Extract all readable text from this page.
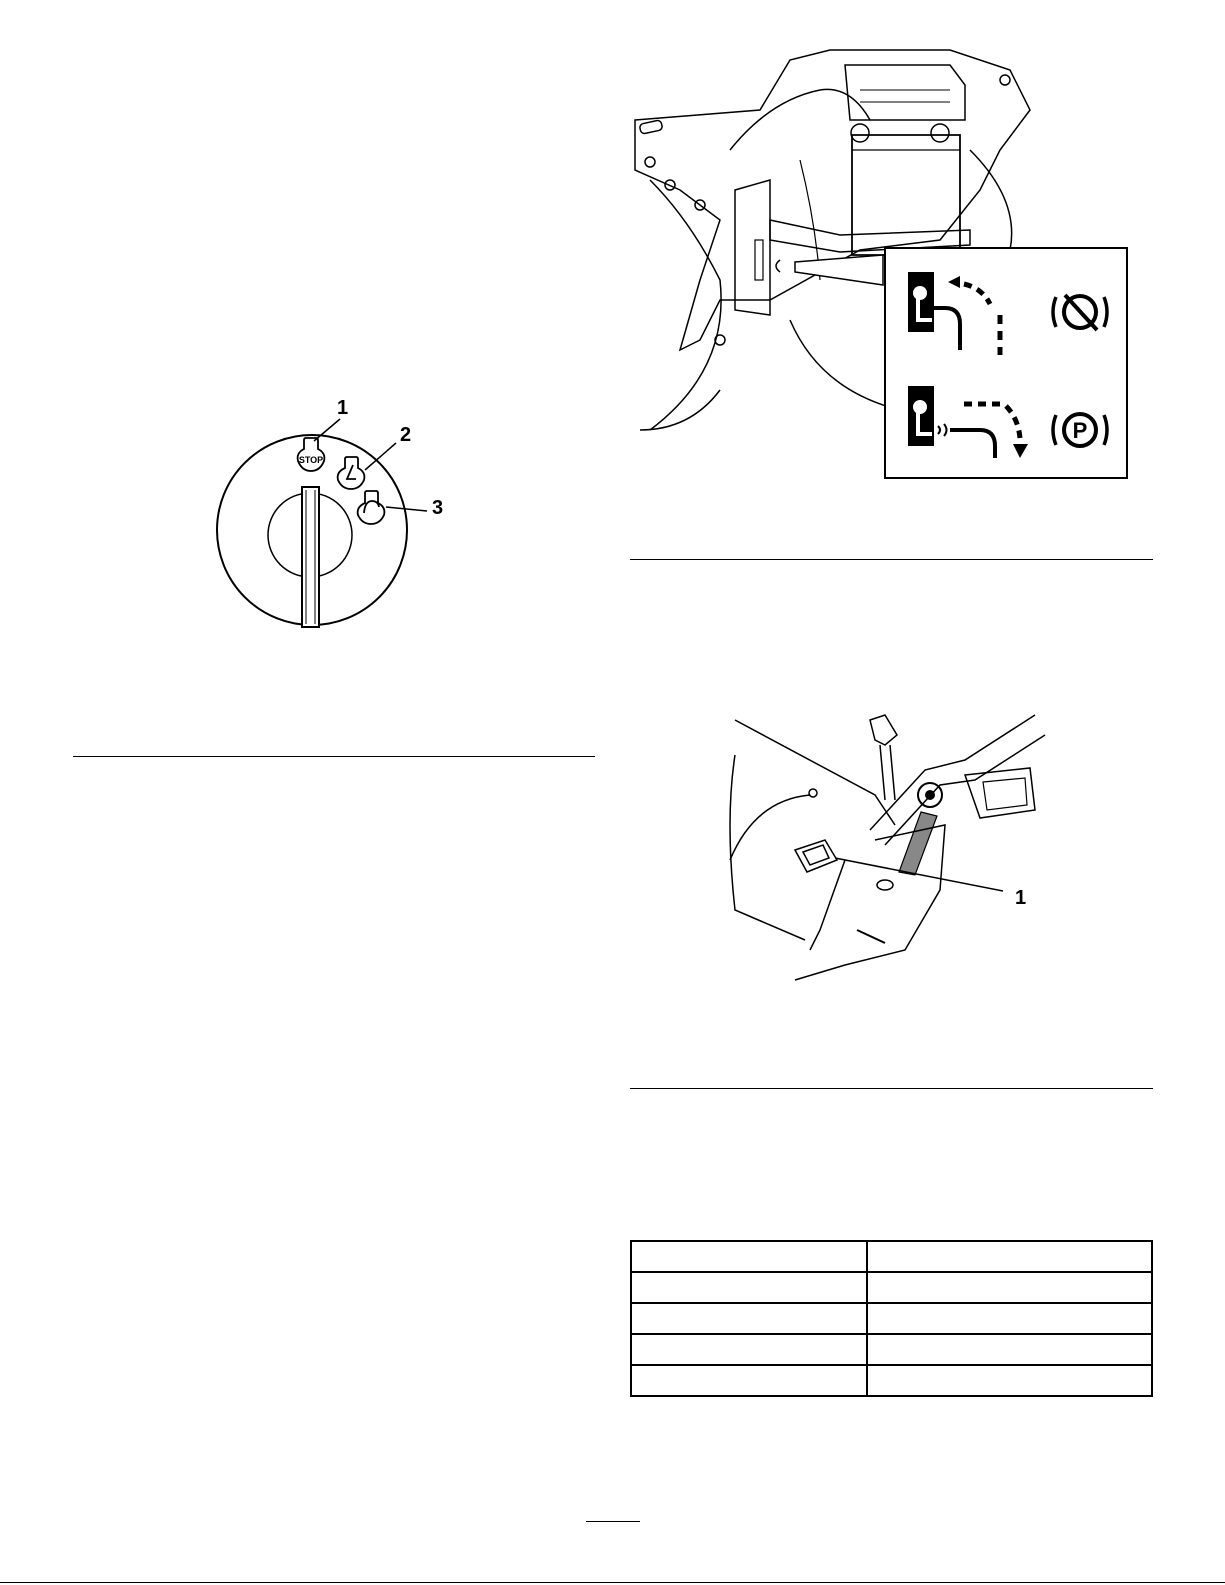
STOP
1
2
3
P
1
